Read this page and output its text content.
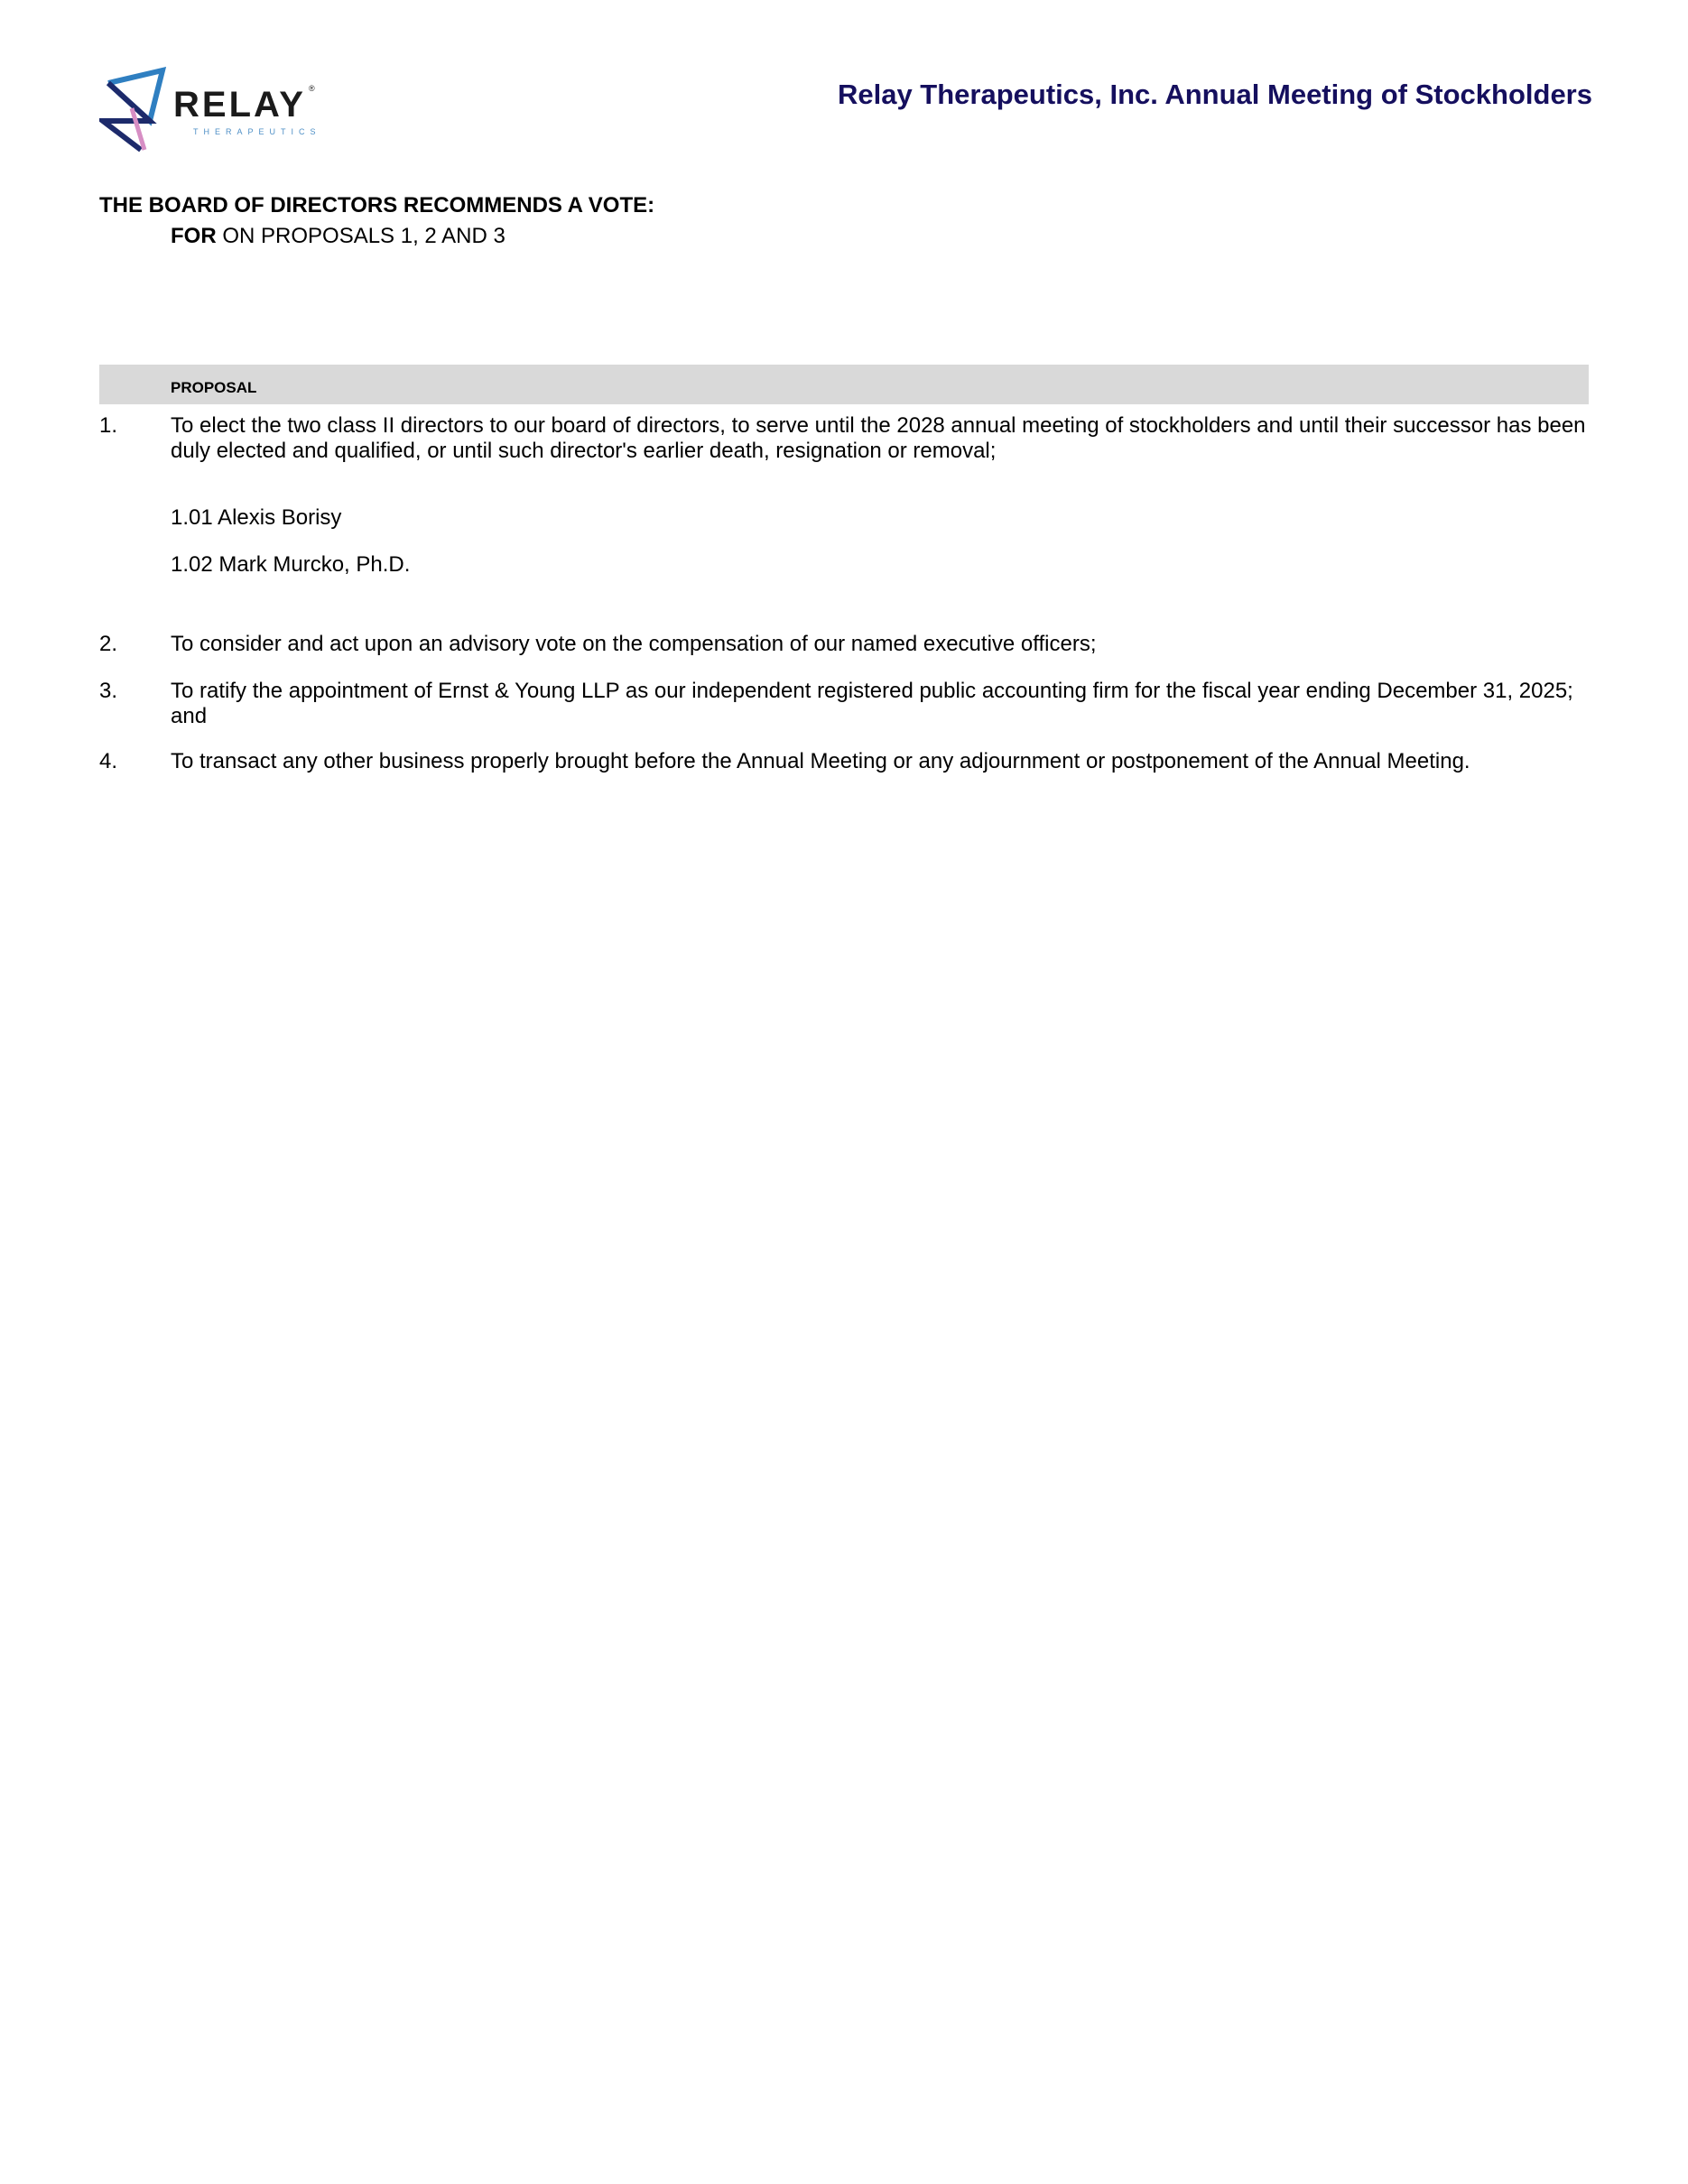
RELAY ®
THERAPEUTICS
Relay Therapeutics, Inc. Annual Meeting of Stockholders
THE BOARD OF DIRECTORS RECOMMENDS A VOTE:
FOR ON PROPOSALS 1, 2 AND 3
PROPOSAL
1. To elect the two class II directors to our board of directors, to serve until the 2028 annual meeting of stockholders and until their successor has been duly elected and qualified, or until such director's earlier death, resignation or removal;
1.01 Alexis Borisy
1.02 Mark Murcko, Ph.D.
2. To consider and act upon an advisory vote on the compensation of our named executive officers;
3. To ratify the appointment of Ernst & Young LLP as our independent registered public accounting firm for the fiscal year ending December 31, 2025; and
4. To transact any other business properly brought before the Annual Meeting or any adjournment or postponement of the Annual Meeting.
